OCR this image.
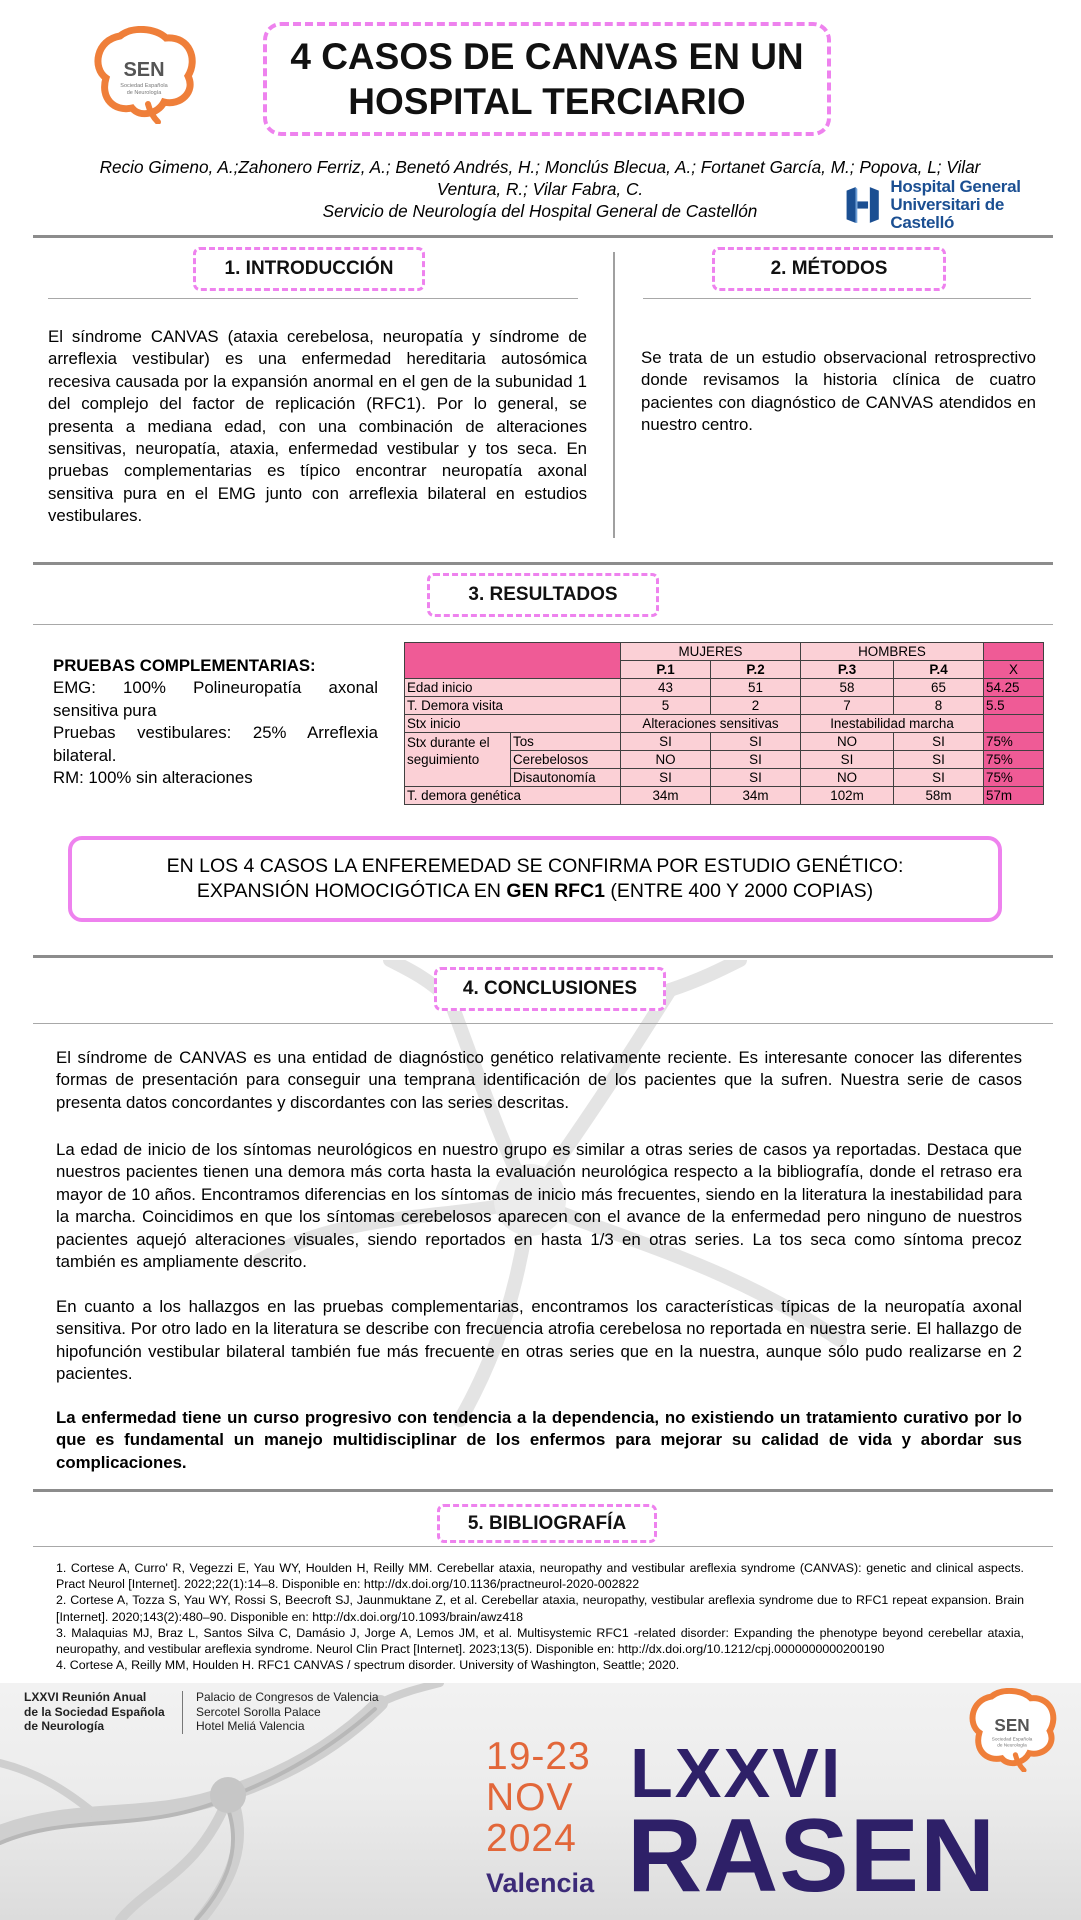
SEN
Sociedad Española
de Neurología
4 CASOS DE CANVAS EN UN HOSPITAL TERCIARIO
Recio Gimeno, A.;Zahonero Ferriz, A.; Benetó Andrés, H.; Monclús Blecua, A.; Fortanet García, M.; Popova, L; Vilar
Ventura, R.; Vilar Fabra, C.
Servicio de Neurología del Hospital General de Castellón
Hospital General
Universitari de Castelló
1. INTRODUCCIÓN
El síndrome CANVAS (ataxia cerebelosa, neuropatía y síndrome de arreflexia vestibular) es una enfermedad hereditaria autosómica recesiva causada por la expansión anormal en el gen de la subunidad 1 del complejo del factor de replicación (RFC1). Por lo general, se presenta a mediana edad, con una combinación de alteraciones sensitivas, neuropatía, ataxia, enfermedad vestibular y tos seca. En pruebas complementarias es típico encontrar neuropatía axonal sensitiva pura en el EMG junto con arreflexia bilateral en estudios vestibulares.
2. MÉTODOS
Se trata de un estudio observacional retrosprectivo donde revisamos la historia clínica de cuatro pacientes con diagnóstico de CANVAS atendidos en nuestro centro.
3. RESULTADOS
PRUEBAS COMPLEMENTARIAS:
EMG: 100% Polineuropatía axonal sensitiva pura
Pruebas vestibulares: 25% Arreflexia bilateral.
RM: 100% sin alteraciones
		MUJERES		HOMBRES		
		P.1	P.2	P.3	P.4	X
Edad inicio		43	51	58	65	54.25
T. Demora visita		5	2	7	8	5.5
Stx inicio		Alteraciones sensitivas		Inestabilidad marcha		
Stx durante el seguimiento	Tos	SI	SI	NO	SI	75%
	Cerebelosos	NO	SI	SI	SI	75%
	Disautonomía	SI	SI	NO	SI	75%
T. demora genética		34m	34m	102m	58m	57m
EN LOS 4 CASOS LA ENFEREMEDAD SE CONFIRMA POR ESTUDIO GENÉTICO:
EXPANSIÓN HOMOCIGÓTICA EN GEN RFC1 (ENTRE 400 Y 2000 COPIAS)
4. CONCLUSIONES
El síndrome de CANVAS es una entidad de diagnóstico genético relativamente reciente. Es interesante conocer las diferentes formas de presentación para conseguir una temprana identificación de los pacientes que la sufren. Nuestra serie de casos presenta datos concordantes y discordantes con las series descritas.
La edad de inicio de los síntomas neurológicos en nuestro grupo es similar a otras series de casos ya reportadas. Destaca que nuestros pacientes tienen una demora más corta hasta la evaluación neurológica respecto a la bibliografía, donde el retraso era mayor de 10 años. Encontramos diferencias en los síntomas de inicio más frecuentes, siendo en la literatura la inestabilidad para la marcha. Coincidimos en que los síntomas cerebelosos aparecen con el avance de la enfermedad pero ninguno de nuestros pacientes aquejó alteraciones visuales, siendo reportados en hasta 1/3 en otras series. La tos seca como síntoma precoz también es ampliamente descrito.
En cuanto a los hallazgos en las pruebas complementarias, encontramos los características típicas de la neuropatía axonal sensitiva. Por otro lado en la literatura se describe con frecuencia atrofia cerebelosa no reportada en nuestra serie. El hallazgo de hipofunción vestibular bilateral también fue más frecuente en otras series que en la nuestra, aunque sólo pudo realizarse en 2 pacientes.
La enfermedad tiene un curso progresivo con tendencia a la dependencia, no existiendo un tratamiento curativo por lo que es fundamental un manejo multidisciplinar de los enfermos para mejorar su calidad de vida y abordar sus complicaciones.
5. BIBLIOGRAFÍA
1. Cortese A, Curro' R, Vegezzi E, Yau WY, Houlden H, Reilly MM. Cerebellar ataxia, neuropathy and vestibular areflexia syndrome (CANVAS): genetic and clinical aspects. Pract Neurol [Internet]. 2022;22(1):14–8. Disponible en: http://dx.doi.org/10.1136/practneurol-2020-002822
2. Cortese A, Tozza S, Yau WY, Rossi S, Beecroft SJ, Jaunmuktane Z, et al. Cerebellar ataxia, neuropathy, vestibular areflexia syndrome due to RFC1 repeat expansion. Brain [Internet]. 2020;143(2):480–90. Disponible en: http://dx.doi.org/10.1093/brain/awz418
3. Malaquias MJ, Braz L, Santos Silva C, Damásio J, Jorge A, Lemos JM, et al. Multisystemic RFC1 -related disorder: Expanding the phenotype beyond cerebellar ataxia, neuropathy, and vestibular areflexia syndrome. Neurol Clin Pract [Internet]. 2023;13(5). Disponible en: http://dx.doi.org/10.1212/cpj.0000000000200190
4. Cortese A, Reilly MM, Houlden H. RFC1 CANVAS / spectrum disorder. University of Washington, Seattle; 2020.
LXXVI Reunión Anual
de la Sociedad Española
de Neurología
Palacio de Congresos de Valencia
Sercotel Sorolla Palace
Hotel Meliá Valencia
19-23
NOV
2024
Valencia
LXXVI
RASEN
SEN
Sociedad Española
de Neurología
